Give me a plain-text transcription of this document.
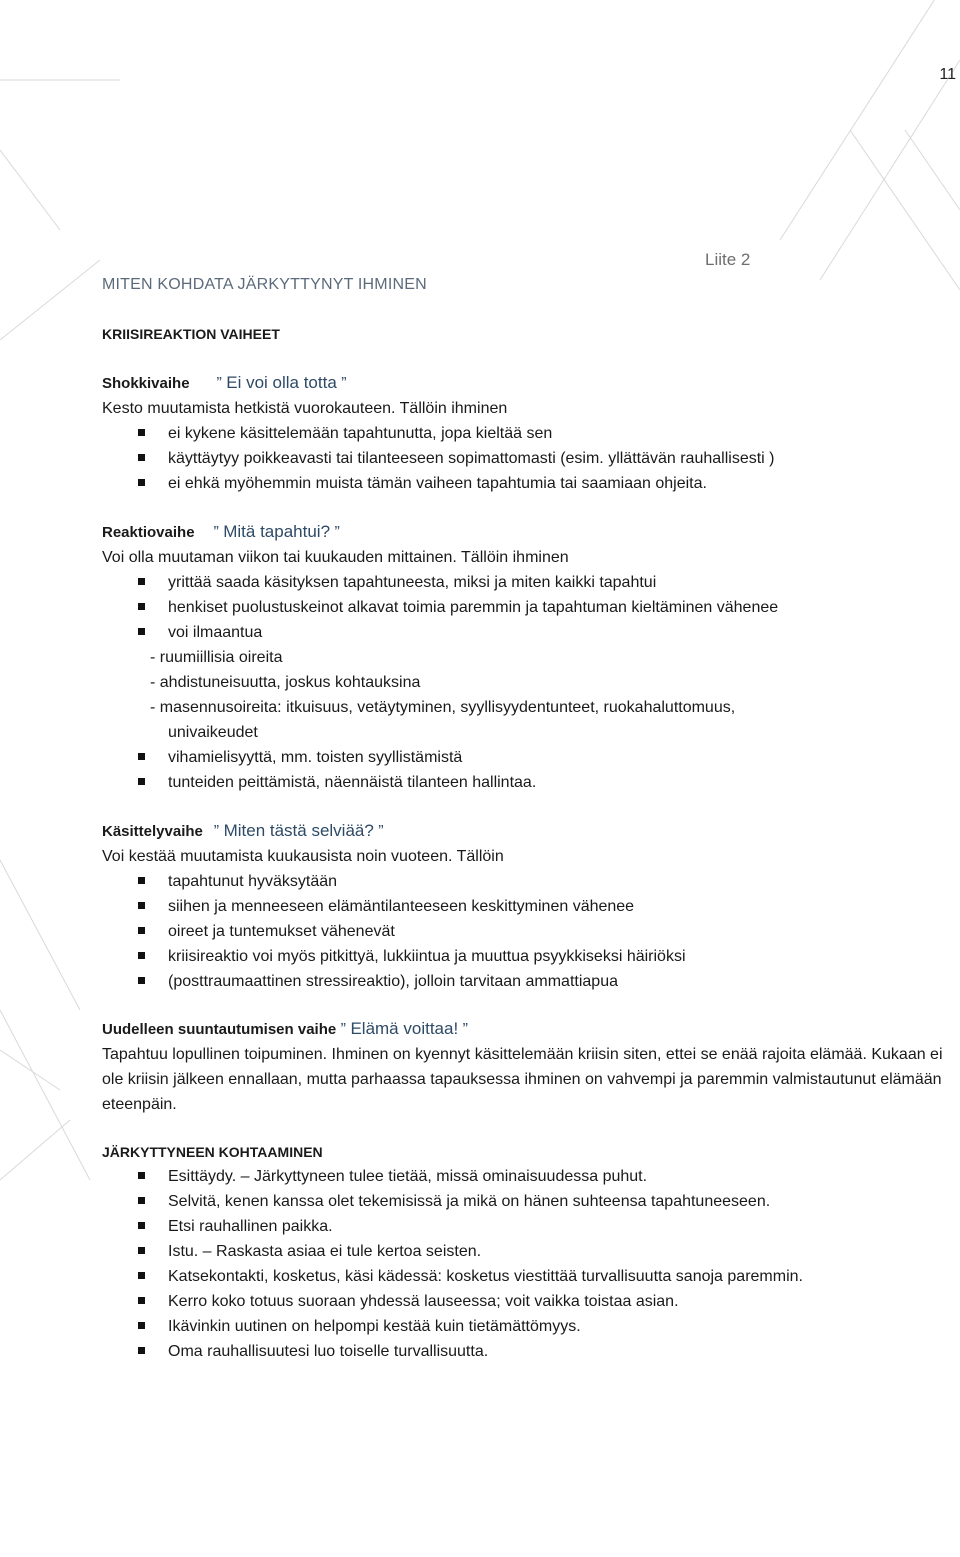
11
Liite 2
MITEN KOHDATA JÄRKYTTYNYT IHMINEN
KRIISIREAKTION VAIHEET

Shokkivaihe ” Ei voi olla totta ”

Kesto muutamista hetkistä vuorokauteen. Tällöin ihminen

ei kykene käsittelemään tapahtunutta, jopa kieltää sen
käyttäytyy poikkeavasti tai tilanteeseen sopimattomasti (esim. yllättävän rauhallisesti )
ei ehkä myöhemmin muista tämän vaiheen tapahtumia tai saamiaan ohjeita.

Reaktiovaihe ” Mitä tapahtui? ”

Voi olla muutaman viikon tai kuukauden mittainen. Tällöin ihminen

yrittää saada käsityksen tapahtuneesta, miksi ja miten kaikki tapahtui
henkiset puolustuskeinot alkavat toimia paremmin ja tapahtuman kieltäminen vähenee
voi ilmaantua

- ruumiillisia oireita

- ahdistuneisuutta, joskus kohtauksina

- masennusoireita: itkuisuus, vetäytyminen, syyllisyydentunteet, ruokahaluttomuus,

univaikeudet

vihamielisyyttä, mm. toisten syyllistämistä
tunteiden peittämistä, näennäistä tilanteen hallintaa.

Käsittelyvaihe ” Miten tästä selviää? ”

Voi kestää muutamista kuukausista noin vuoteen. Tällöin

tapahtunut hyväksytään
siihen ja menneeseen elämäntilanteeseen keskittyminen vähenee
oireet ja tuntemukset vähenevät
kriisireaktio voi myös pitkittyä, lukkiintua ja muuttua psyykkiseksi häiriöksi
(posttraumaattinen stressireaktio), jolloin tarvitaan ammattiapua

Uudelleen suuntautumisen vaihe ” Elämä voittaa! ”

Tapahtuu lopullinen toipuminen. Ihminen on kyennyt käsittelemään kriisin siten, ettei se enää rajoita elämää. Kukaan ei ole kriisin jälkeen ennallaan, mutta parhaassa tapauksessa ihminen on vahvempi ja paremmin valmistautunut elämään eteenpäin.

JÄRKYTTYNEEN KOHTAAMINEN
Esittäydy. – Järkyttyneen tulee tietää, missä ominaisuudessa puhut.
Selvitä, kenen kanssa olet tekemisissä ja mikä on hänen suhteensa tapahtuneeseen.
Etsi rauhallinen paikka.
Istu. – Raskasta asiaa ei tule kertoa seisten.
Katsekontakti, kosketus, käsi kädessä: kosketus viestittää turvallisuutta sanoja paremmin.
Kerro koko totuus suoraan yhdessä lauseessa; voit vaikka toistaa asian.
Ikävinkin uutinen on helpompi kestää kuin tietämättömyys.
Oma rauhallisuutesi luo toiselle turvallisuutta.
